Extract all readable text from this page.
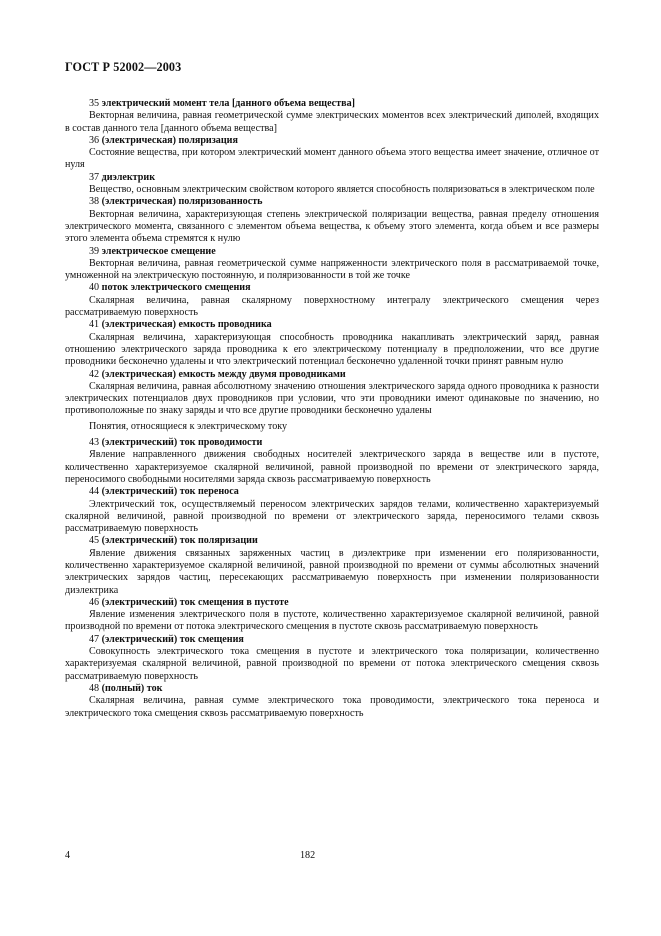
ГОСТ Р 52002—2003
35 электрический момент тела [данного объема вещества]

Векторная величина, равная геометрической сумме электрических моментов всех электрический диполей, входящих в состав данного тела [данного объема вещества]

36 (электрическая) поляризация

Состояние вещества, при котором электрический момент данного объема этого вещества имеет значение, отличное от нуля

37 диэлектрик

Вещество, основным электрическим свойством которого является способность поляризоваться в электрическом поле

38 (электрическая) поляризованность

Векторная величина, характеризующая степень электрической поляризации вещества, равная пределу отношения электрического момента, связанного с элементом объема вещества, к объему этого элемента, когда объем и все размеры этого элемента объема стремятся к нулю

39 электрическое смещение

Векторная величина, равная геометрической сумме напряженности электрического поля в рассматриваемой точке, умноженной на электрическую постоянную, и поляризованности в той же точке

40 поток электрического смещения

Скалярная величина, равная скалярному поверхностному интегралу электрического смещения через рассматриваемую поверхность

41 (электрическая) емкость проводника

Скалярная величина, характеризующая способность проводника накапливать электрический заряд, равная отношению электрического заряда проводника к его электрическому потенциалу в предположении, что все другие проводники бесконечно удалены и что электрический потенциал бесконечно удаленной точки принят равным нулю

42 (электрическая) емкость между двумя проводниками

Скалярная величина, равная абсолютному значению отношения электрического заряда одного проводника к разности электрических потенциалов двух проводников при условии, что эти проводники имеют одинаковые по значению, но противоположные по знаку заряды и что все другие проводники бесконечно удалены

Понятия, относящиеся к электрическому току
43 (электрический) ток проводимости

Явление направленного движения свободных носителей электрического заряда в веществе или в пустоте, количественно характеризуемое скалярной величиной, равной производной по времени от электрического заряда, переносимого свободными носителями заряда сквозь рассматриваемую поверхность

44 (электрический) ток переноса

Электрический ток, осуществляемый переносом электрических зарядов телами, количественно характеризуемый скалярной величиной, равной производной по времени от электрического заряда, переносимого телами сквозь рассматриваемую поверхность

45 (электрический) ток поляризации

Явление движения связанных заряженных частиц в диэлектрике при изменении его поляризованности, количественно характеризуемое скалярной величиной, равной производной по времени от суммы абсолютных значений электрических зарядов частиц, пересекающих рассматриваемую поверхность при изменении поляризованности диэлектрика

46 (электрический) ток смещения в пустоте

Явление изменения электрического поля в пустоте, количественно характеризуемое скалярной величиной, равной производной по времени от потока электрического смещения в пустоте сквозь рассматриваемую поверхность

47 (электрический) ток смещения

Совокупность электрического тока смещения в пустоте и электрического тока поляризации, количественно характеризуемая скалярной величиной, равной производной по времени от потока электрического смещения сквозь рассматриваемую поверхность

48 (полный) ток

Скалярная величина, равная сумме электрического тока проводимости, электрического тока переноса и электрического тока смещения сквозь рассматриваемую поверхность

4	182
